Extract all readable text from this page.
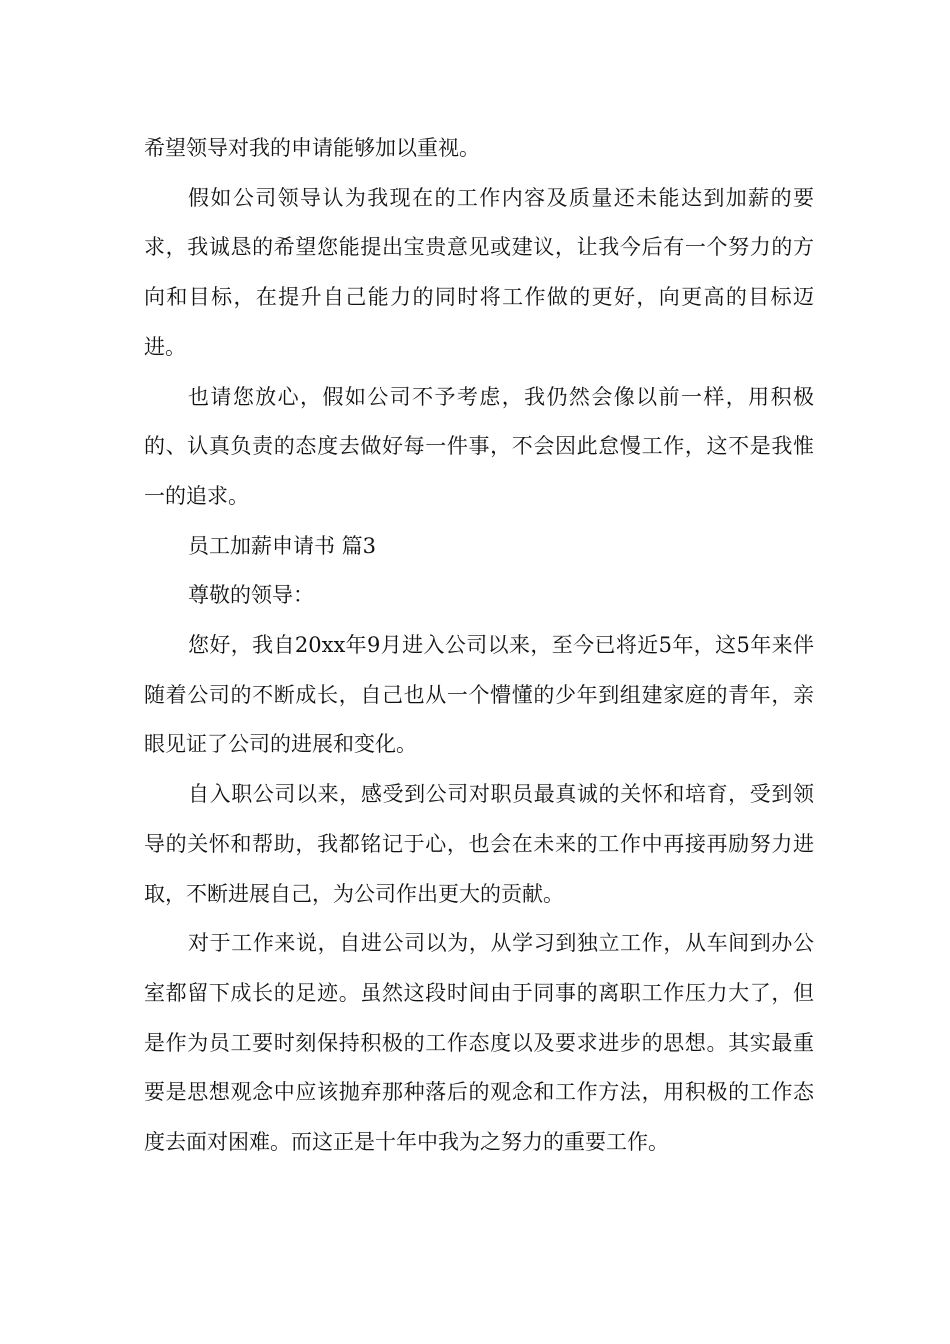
希望领导对我的申请能够加以重视。

假如公司领导认为我现在的工作内容及质量还未能达到加薪的要求，我诚恳的希望您能提出宝贵意见或建议，让我今后有一个努力的方向和目标，在提升自己能力的同时将工作做的更好，向更高的目标迈进。

也请您放心，假如公司不予考虑，我仍然会像以前一样，用积极的、认真负责的态度去做好每一件事，不会因此怠慢工作，这不是我惟一的追求。

员工加薪申请书 篇3

尊敬的领导：

您好，我自20xx年9月进入公司以来，至今已将近5年，这5年来伴随着公司的不断成长，自己也从一个懵懂的少年到组建家庭的青年，亲眼见证了公司的进展和变化。

自入职公司以来，感受到公司对职员最真诚的关怀和培育，受到领导的关怀和帮助，我都铭记于心，也会在未来的工作中再接再励努力进取，不断进展自己，为公司作出更大的贡献。

对于工作来说，自进公司以为，从学习到独立工作，从车间到办公室都留下成长的足迹。虽然这段时间由于同事的离职工作压力大了，但是作为员工要时刻保持积极的工作态度以及要求进步的思想。其实最重要是思想观念中应该抛弃那种落后的观念和工作方法，用积极的工作态度去面对困难。而这正是十年中我为之努力的重要工作。
